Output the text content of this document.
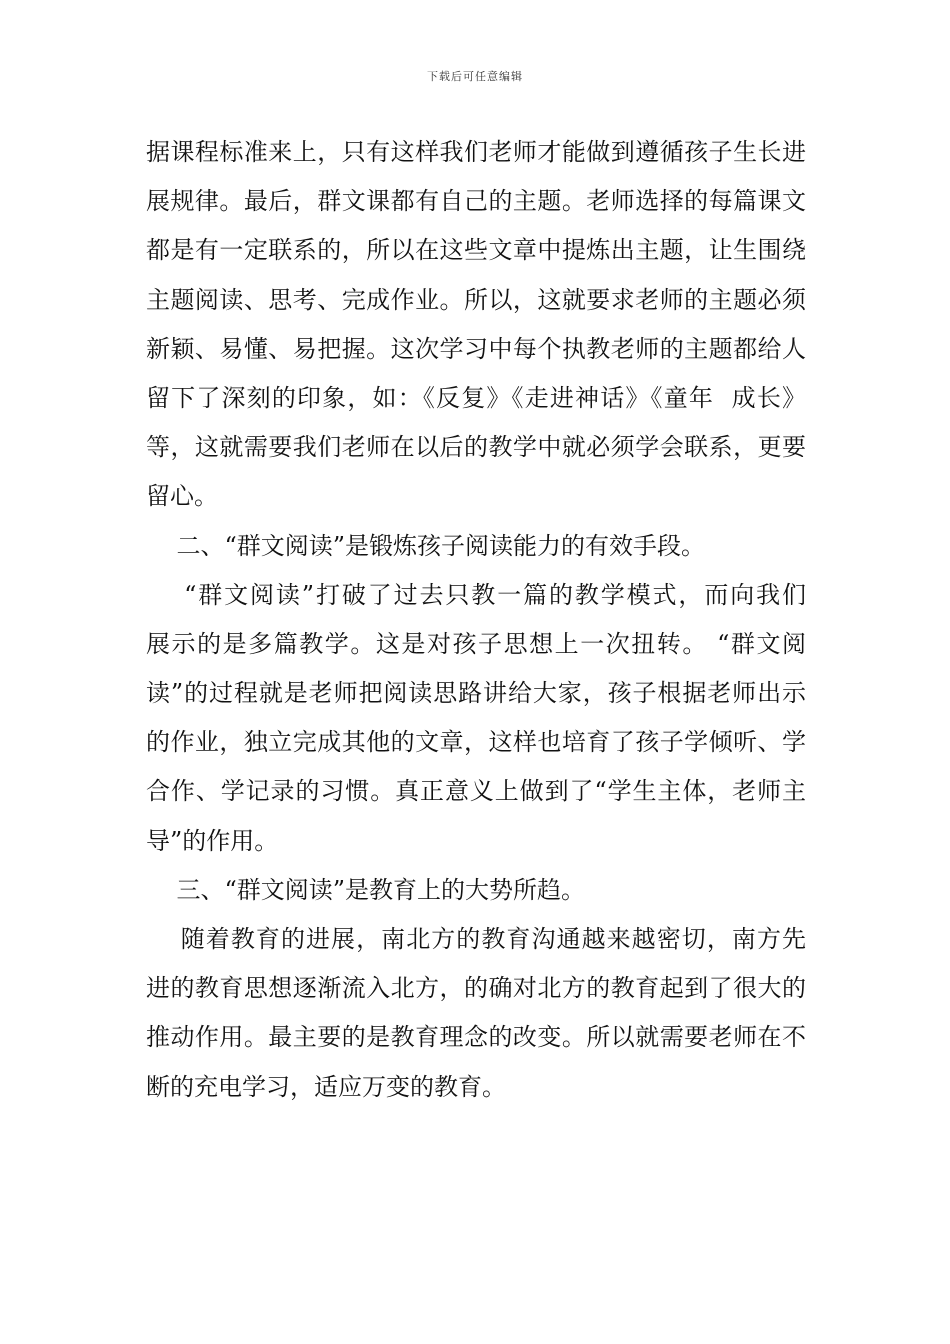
下载后可任意编辑
据课程标准来上，只有这样我们老师才能做到遵循孩子生长进
展规律。最后，群文课都有自己的主题。老师选择的每篇课文
都是有一定联系的，所以在这些文章中提炼出主题，让生围绕
主题阅读、思考、完成作业。所以，这就要求老师的主题必须
新颖、易懂、易把握。这次学习中每个执教老师的主题都给人
留下了深刻的印象，如：《反复》《走进神话》《童年  成长》
等，这就需要我们老师在以后的教学中就必须学会联系，更要
留心。
二、“群文阅读”是锻炼孩子阅读能力的有效手段。
“群文阅读”打破了过去只教一篇的教学模式，而向我们
展示的是多篇教学。这是对孩子思想上一次扭转。 “群文阅
读”的过程就是老师把阅读思路讲给大家，孩子根据老师出示
的作业，独立完成其他的文章，这样也培育了孩子学倾听、学
合作、学记录的习惯。真正意义上做到了“学生主体，老师主
导”的作用。
三、“群文阅读”是教育上的大势所趋。
随着教育的进展，南北方的教育沟通越来越密切，南方先
进的教育思想逐渐流入北方，的确对北方的教育起到了很大的
推动作用。最主要的是教育理念的改变。所以就需要老师在不
断的充电学习，适应万变的教育。
